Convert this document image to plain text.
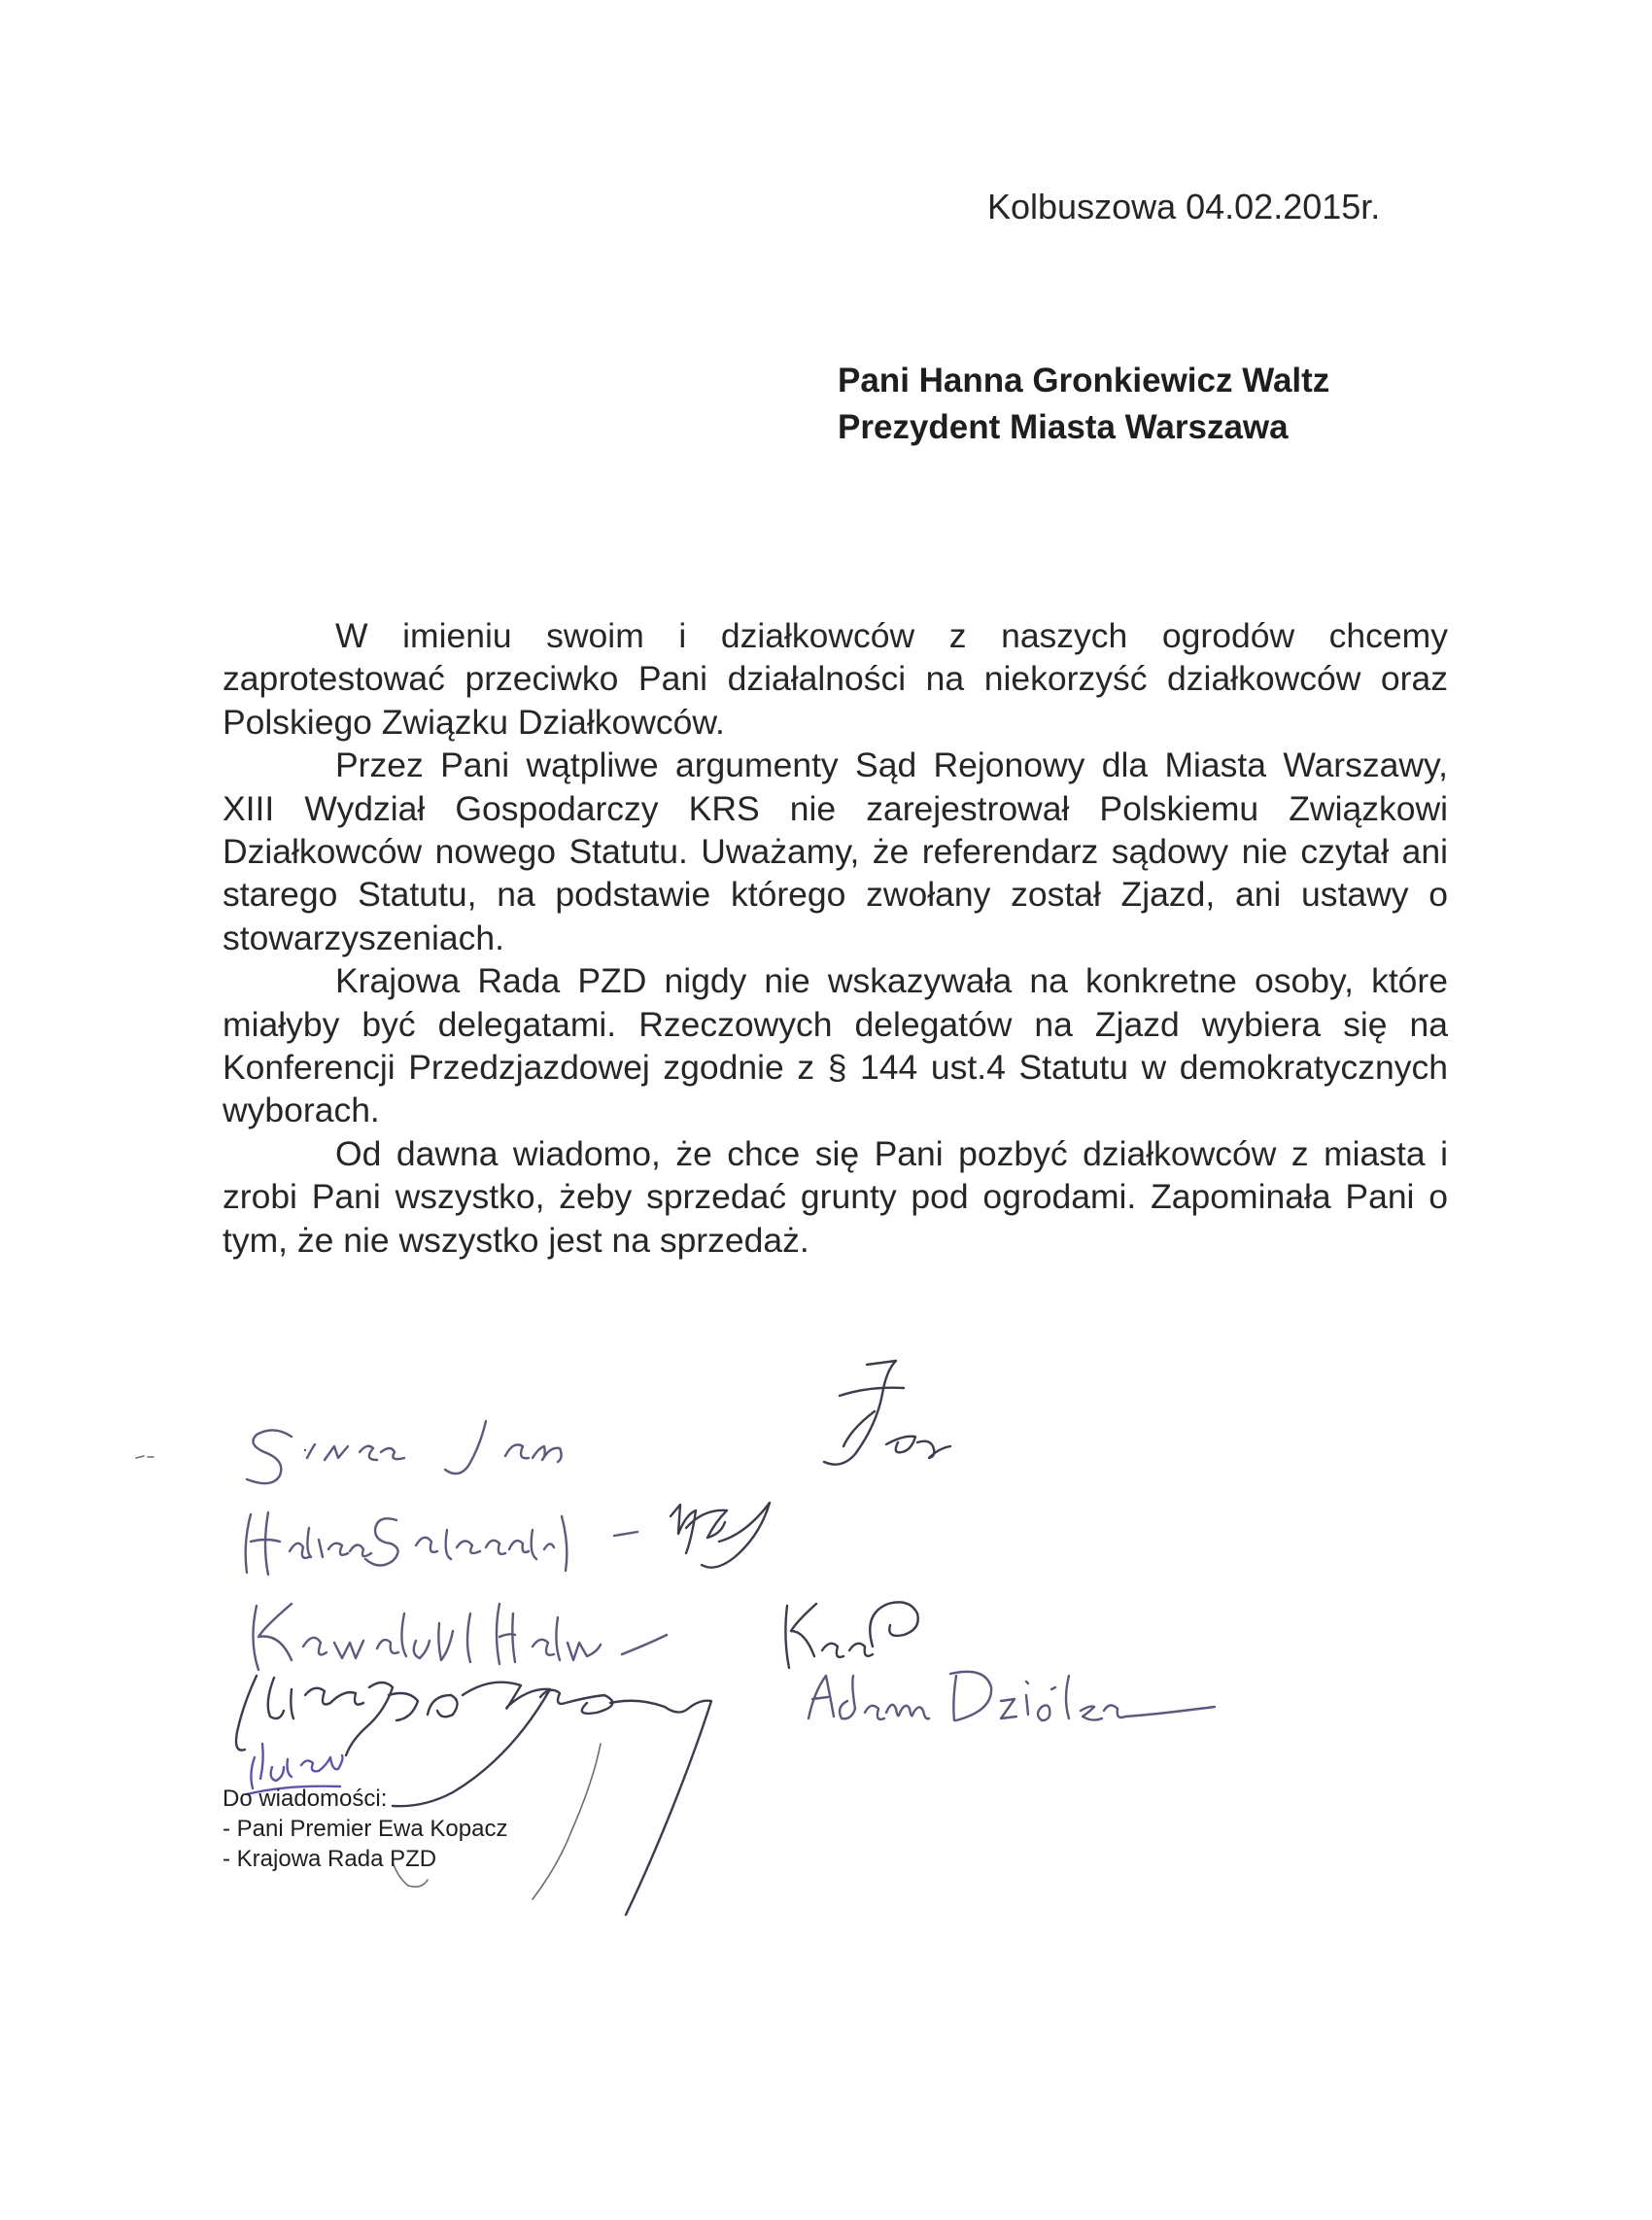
Kolbuszowa 04.02.2015r.
Pani Hanna Gronkiewicz Waltz
Prezydent Miasta Warszawa

W imieniu swoim i działkowców z naszych ogrodów chcemy zaprotestować przeciwko Pani działalności na niekorzyść działkowców oraz Polskiego Związku Działkowców.

Przez Pani wątpliwe argumenty Sąd Rejonowy dla Miasta Warszawy, XIII Wydział Gospodarczy KRS nie zarejestrował Polskiemu Związkowi Działkowców nowego Statutu. Uważamy, że referendarz sądowy nie czytał ani starego Statutu, na podstawie którego zwołany został Zjazd, ani ustawy o stowarzyszeniach.

Krajowa Rada PZD nigdy nie wskazywała na konkretne osoby, które miałyby być delegatami. Rzeczowych delegatów na Zjazd wybiera się na Konferencji Przedzjazdowej zgodnie z § 144 ust.4 Statutu w demokratycznych wyborach.

Od dawna wiadomo, że chce się Pani pozbyć działkowców z miasta i zrobi Pani wszystko, żeby sprzedać grunty pod ogrodami. Zapominała Pani o tym, że nie wszystko jest na sprzedaż.

Do wiadomości:
- Pani Premier Ewa Kopacz
- Krajowa Rada PZD
